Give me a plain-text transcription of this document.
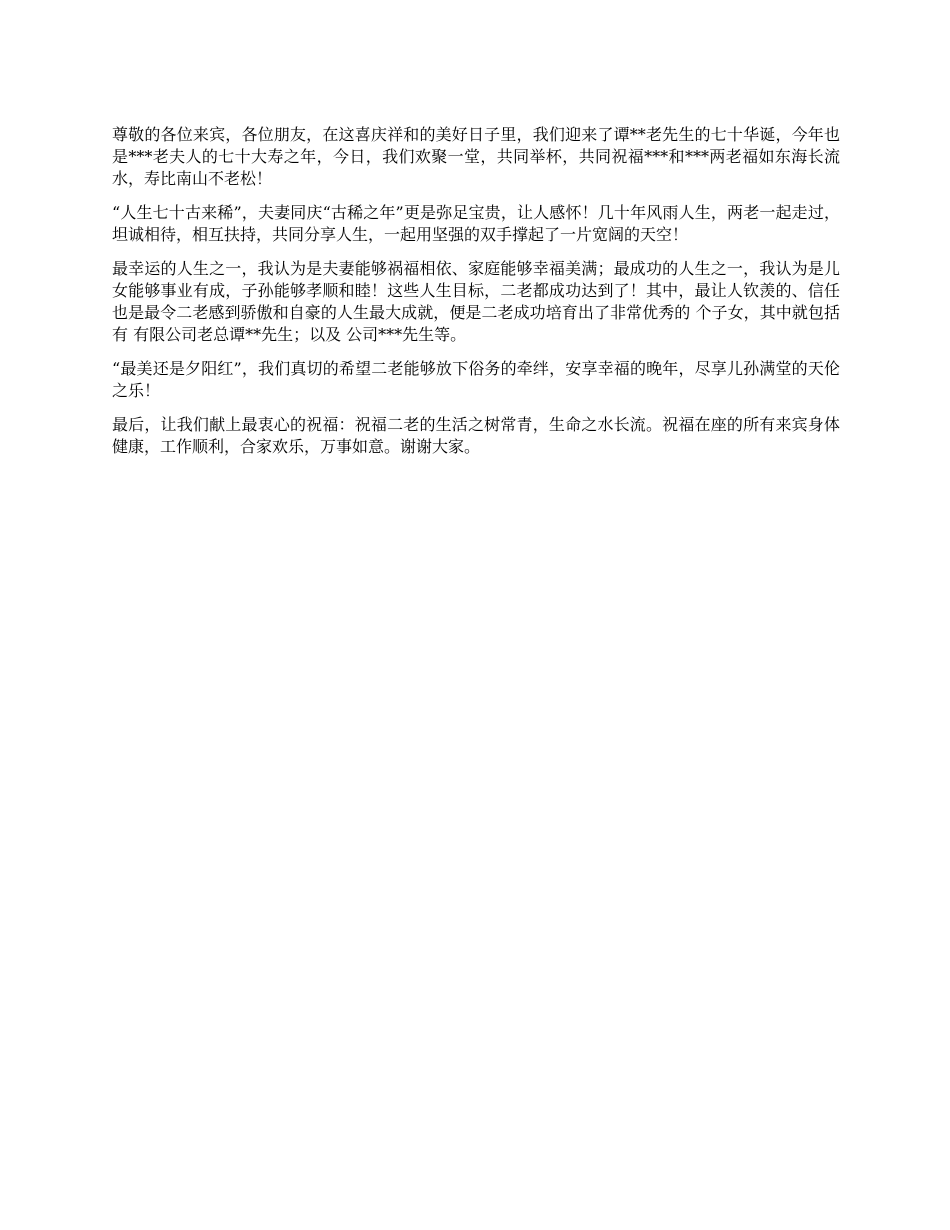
尊敬的各位来宾，各位朋友，在这喜庆祥和的美好日子里，我们迎来了谭**老先生的七十华诞，今年也是***老夫人的七十大寿之年，今日，我们欢聚一堂，共同举杯，共同祝福***和***两老福如东海长流水，寿比南山不老松！

“人生七十古来稀”，夫妻同庆“古稀之年”更是弥足宝贵，让人感怀！几十年风雨人生，两老一起走过，坦诚相待，相互扶持，共同分享人生，一起用坚强的双手撑起了一片宽阔的天空！

最幸运的人生之一，我认为是夫妻能够祸福相依、家庭能够幸福美满；最成功的人生之一，我认为是儿女能够事业有成，子孙能够孝顺和睦！这些人生目标，二老都成功达到了！其中，最让人钦羡的、信任也是最令二老感到骄傲和自豪的人生最大成就，便是二老成功培育出了非常优秀的 个子女，其中就包括有 有限公司老总谭**先生；以及 公司***先生等。

“最美还是夕阳红”，我们真切的希望二老能够放下俗务的牵绊，安享幸福的晚年，尽享儿孙满堂的天伦之乐！

最后，让我们献上最衷心的祝福：祝福二老的生活之树常青，生命之水长流。祝福在座的所有来宾身体健康，工作顺利，合家欢乐，万事如意。谢谢大家。
